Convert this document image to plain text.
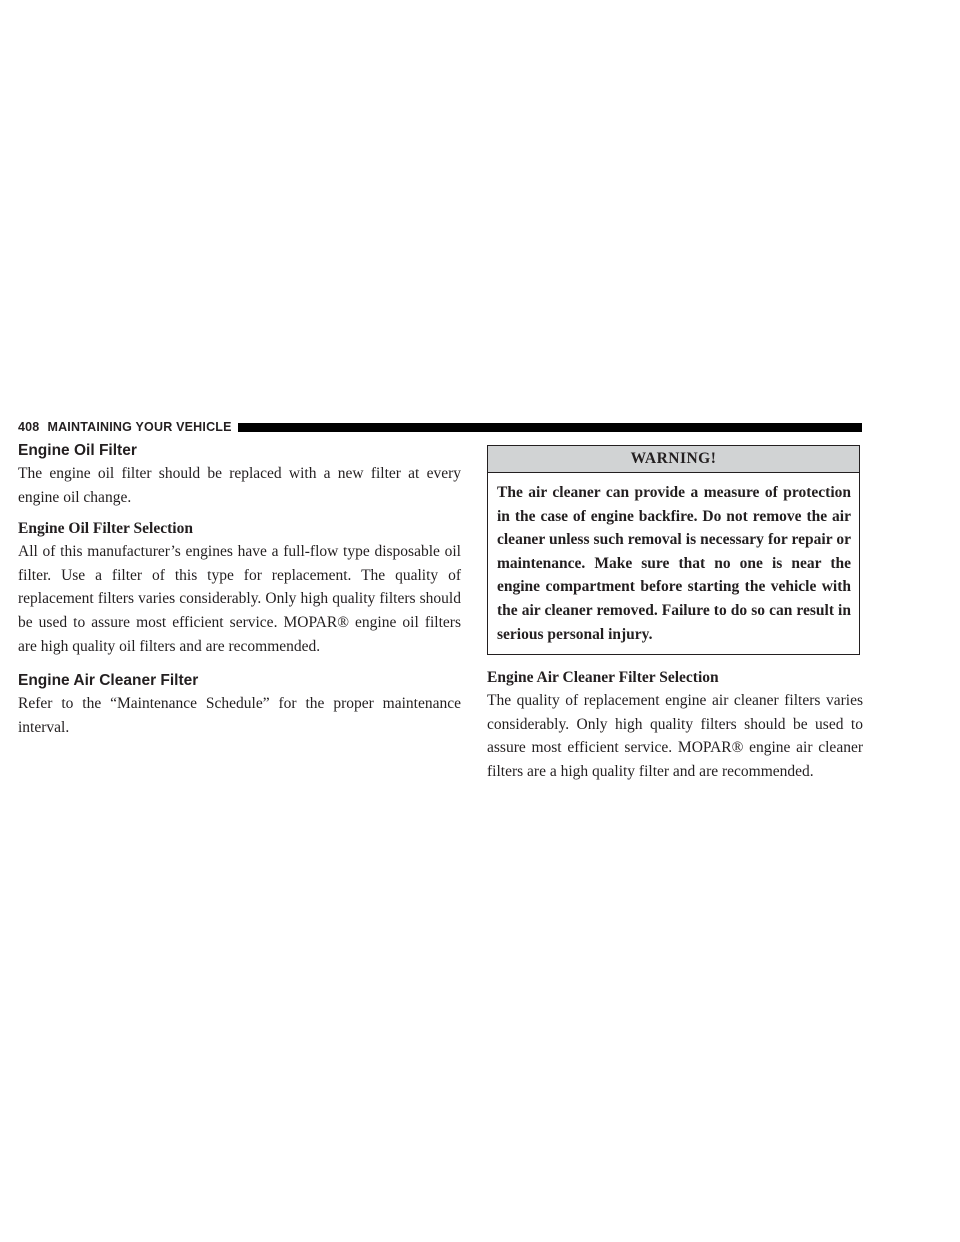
408 MAINTAINING YOUR VEHICLE
Engine Oil Filter

The engine oil filter should be replaced with a new filter at every engine oil change.

Engine Oil Filter Selection

All of this manufacturer’s engines have a full-flow type disposable oil filter. Use a filter of this type for replacement. The quality of replacement filters varies considerably. Only high quality filters should be used to assure most efficient service. MOPAR® engine oil filters are high quality oil filters and are recommended.

Engine Air Cleaner Filter

Refer to the “Maintenance Schedule” for the proper maintenance interval.

WARNING!
The air cleaner can provide a measure of protection in the case of engine backfire. Do not remove the air cleaner unless such removal is necessary for repair or maintenance. Make sure that no one is near the engine compartment before starting the vehicle with the air cleaner removed. Failure to do so can result in serious personal injury.
Engine Air Cleaner Filter Selection

The quality of replacement engine air cleaner filters varies considerably. Only high quality filters should be used to assure most efficient service. MOPAR® engine air cleaner filters are a high quality filter and are recommended.
